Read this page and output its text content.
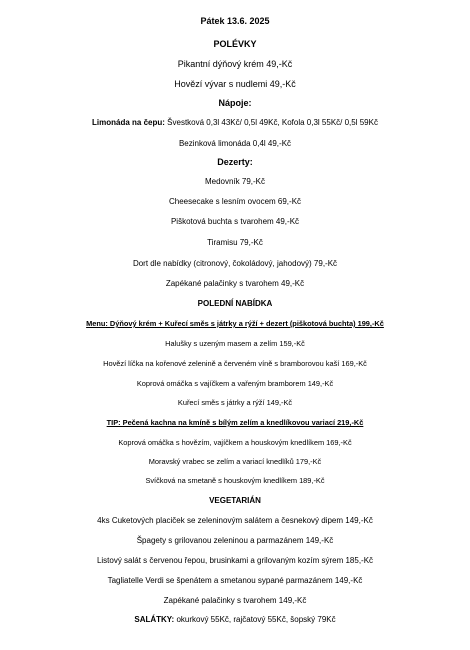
Pátek 13.6. 2025
POLÉVKY
Pikantní dýňový krém 49,-Kč
Hovězí vývar s nudlemi 49,-Kč
Nápoje:
Limonáda na čepu: Švestková 0,3l 43Kč/ 0,5l 49Kč, Kofola 0,3l 55Kč/ 0,5l 59Kč
Bezinková limonáda 0,4l 49,-Kč
Dezerty:
Medovník 79,-Kč
Cheesecake s lesním ovocem 69,-Kč
Piškotová buchta s tvarohem 49,-Kč
Tiramisu 79,-Kč
Dort dle nabídky (citronový, čokoládový, jahodový) 79,-Kč
Zapékané palačinky s tvarohem 49,-Kč
POLEDNÍ NABÍDKA
Menu: Dýňový krém + Kuřecí směs s játrky a rýží + dezert (piškotová buchta) 199,-Kč
Halušky s uzeným masem a zelím 159,-Kč
Hovězí líčka na kořenové zelenině a červeném víně s bramborovou kaší 169,-Kč
Koprová omáčka s vajíčkem a vařeným bramborem 149,-Kč
Kuřecí směs s játrky a rýží 149,-Kč
TIP: Pečená kachna na kmíně s bílým zelím a knedlíkovou variací 219,-Kč
Koprová omáčka s hovězím, vajíčkem a houskovým knedlíkem 169,-Kč
Moravský vrabec se zelím a variací knedlíků 179,-Kč
Svíčková na smetaně s houskovým knedlíkem 189,-Kč
VEGETARIÁN
4ks Cuketových placiček se zeleninovým salátem a česnekový dipem 149,-Kč
Špagety s grilovanou zeleninou a parmazánem 149,-Kč
Listový salát s červenou řepou, brusinkami a grilovaným kozím sýrem 185,-Kč
Tagliatelle Verdi se špenátem a smetanou sypané parmazánem 149,-Kč
Zapékané palačinky s tvarohem 149,-Kč
SALÁTKY: okurkový 55Kč, rajčatový 55Kč, šopský 79Kč
